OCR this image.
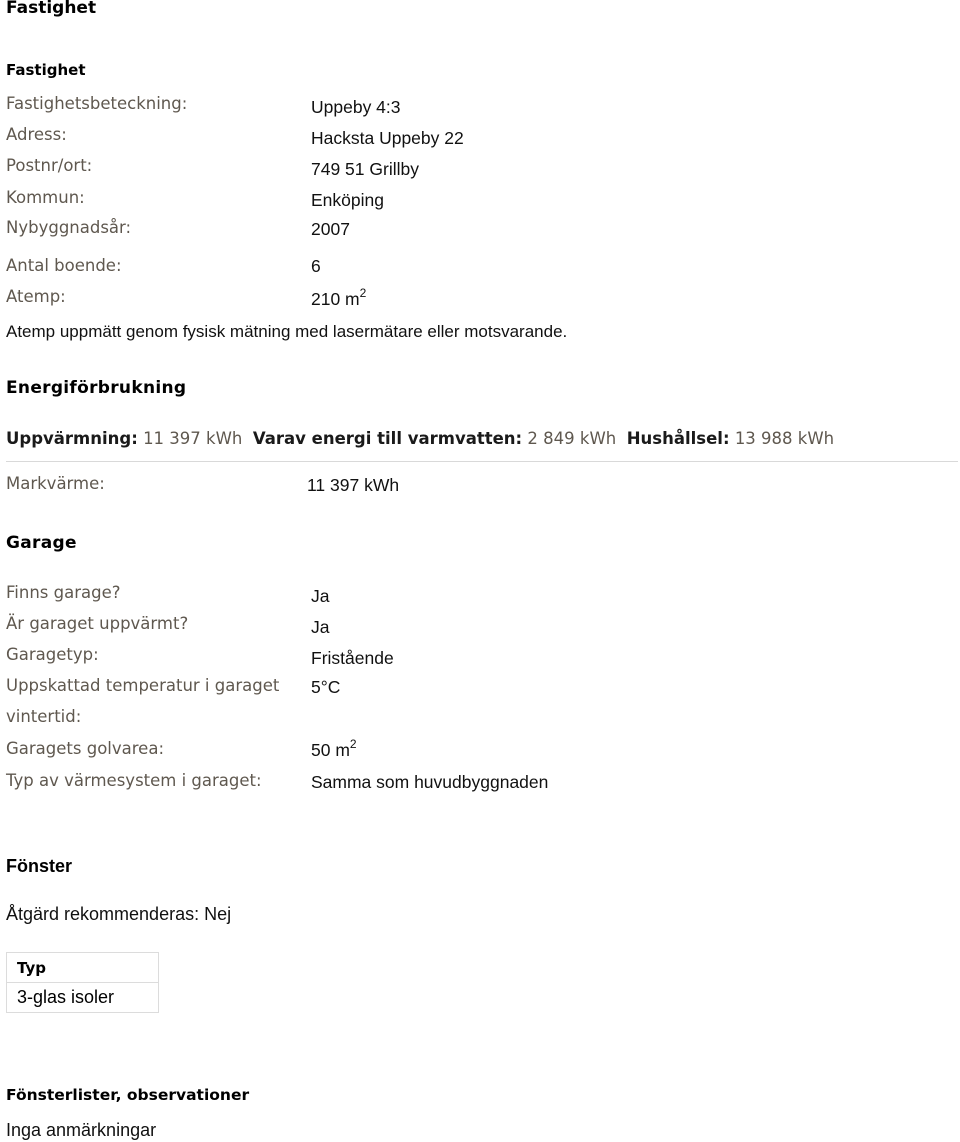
Fastighet
Fastighet
Fastighetsbeteckning:	Uppeby 4:3
Adress:	Hacksta Uppeby 22
Postnr/ort:	749 51 Grillby
Kommun:	Enköping
Nybyggnadsår:	2007
Antal boende:	6
Atemp:	210 $m^2$
Atemp uppmätt genom fysisk mätning med lasermätare eller motsvarande.
Energiförbrukning
Uppvärmning: 11 397 kWh Varav energi till varmvatten: 2 849 kWh Hushållsel: 13 988 kWh
Markvärme:	11 397 kWh
Garage
Finns garage?	Ja
Är garaget uppvärmt?	Ja
Garagetyp:	Fristående
Uppskattad temperatur i garaget
vintertid:
5°C
Garagets golvarea:	50 $m^2$
Typ av värmesystem i garaget:	Samma som huvudbyggnaden
Fönster
Åtgärd rekommenderas: Nej
Typ
3-glas isoler
Fönsterlister, observationer
Inga anmärkningar
